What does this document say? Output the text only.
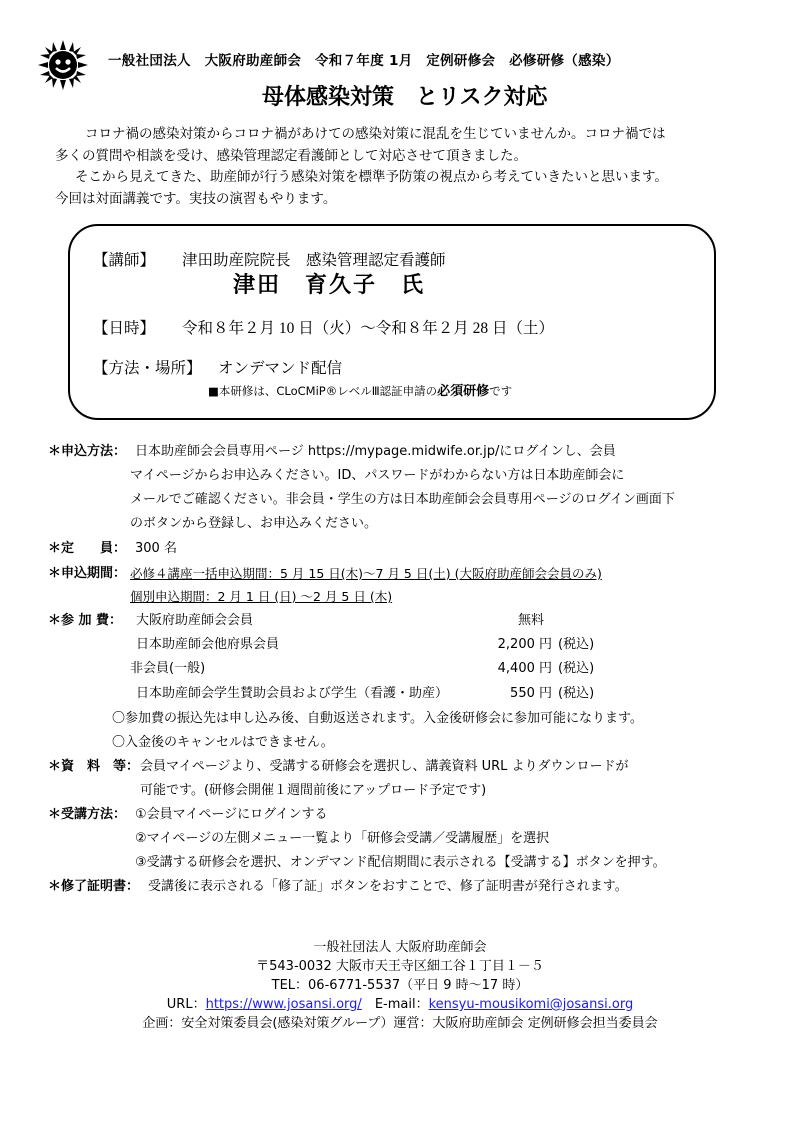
一般社団法人　大阪府助産師会　令和７年度 1月　定例研修会　必修研修（感染）
母体感染対策　とリスク対応

コロナ禍の感染対策からコロナ禍があけての感染対策に混乱を生じていませんか。コロナ禍では

多くの質問や相談を受け、感染管理認定看護師として対応させて頂きました。

そこから見えてきた、助産師が行う感染対策を標準予防策の視点から考えていきたいと思います。

今回は対面講義です。実技の演習もやります。

【講師】 津田助産院院長　感染管理認定看護師
津田　育久子　氏
【日時】 令和８年２月 10 日（火）～令和８年２月 28 日（土）
【方法・場所】 オンデマンド配信
■本研修は、CLoCMiP®レベルⅢ認証申請の必須研修です
＊申込方法： 日本助産師会会員専用ページ https://mypage.midwife.or.jp/にログインし、会員
マイページからお申込みください。ID、パスワードがわからない方は日本助産師会に
メールでご確認ください。非会員・学生の方は日本助産師会会員専用ページのログイン画面下
のボタンから登録し、お申込みください。
＊定　　員： 300 名
＊申込期間： 必修４講座一括申込期間：5 月 15 日(木)～7 月 5 日(土) (大阪府助産師会会員のみ)
個別申込期間：2 月 1 日 (日) ～2 月 5 日 (木)
＊参 加 費： 大阪府助産師会会員	無料
日本助産師会他府県会員	2,200 円 (税込)
非会員(一般)	4,400 円 (税込)
日本助産師会学生賛助会員および学生（看護・助産）	550 円 (税込)
〇参加費の振込先は申し込み後、自動返送されます。入金後研修会に参加可能になります。
〇入金後のキャンセルはできません。
＊資　料　等： 会員マイページより、受講する研修会を選択し、講義資料 URL よりダウンロードが
可能です。(研修会開催１週間前後にアップロード予定です)
＊受講方法： ①会員マイページにログインする
②マイページの左側メニュー一覧より「研修会受講／受講履歴」を選択
③受講する研修会を選択、オンデマンド配信期間に表示される【受講する】ボタンを押す。
＊修了証明書： 受講後に表示される「修了証」ボタンをおすことで、修了証明書が発行されます。
一般社団法人 大阪府助産師会
〒543-0032 大阪市天王寺区細工谷１丁目１－５
TEL：06-6771-5537（平日 9 時～17 時）
URL：https://www.josansi.org/　 E-mail：kensyu-mousikomi@josansi.org
企画：安全対策委員会(感染対策グループ）運営：大阪府助産師会 定例研修会担当委員会
